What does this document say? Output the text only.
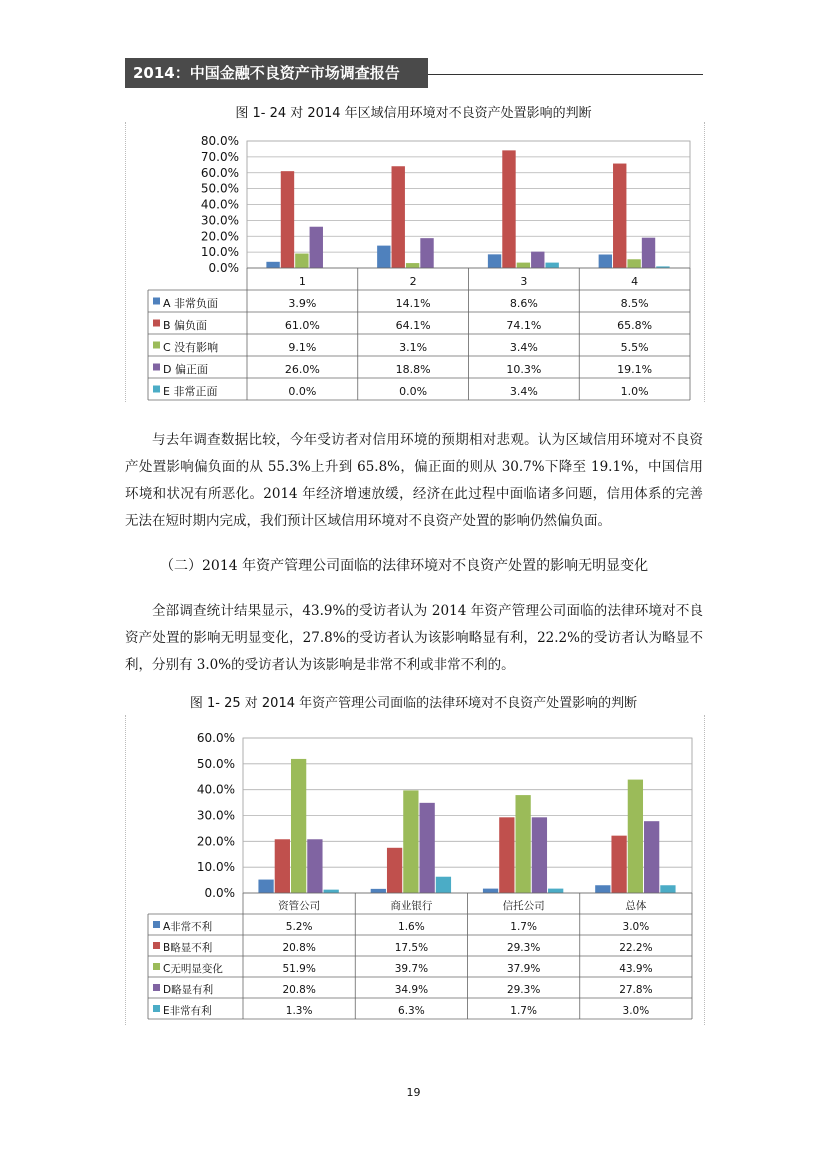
2014：中国金融不良资产市场调查报告
图 1- 24 对 2014 年区域信用环境对不良资产处置影响的判断
0.0%
10.0%
20.0%
30.0%
40.0%
50.0%
60.0%
70.0%
80.0%
1	2	3	4
A 非常负面	3.9%	14.1%	8.6%	8.5%
B 偏负面	61.0%	64.1%	74.1%	65.8%
C 没有影响	9.1%	3.1%	3.4%	5.5%
D 偏正面	26.0%	18.8%	10.3%	19.1%
E 非常正面	0.0%	0.0%	3.4%	1.0%

与去年调查数据比较，今年受访者对信用环境的预期相对悲观。认为区域信用环境对不良资产处置影响偏负面的从 55.3%上升到 65.8%，偏正面的则从 30.7%下降至 19.1%，中国信用环境和状况有所恶化。2014 年经济增速放缓，经济在此过程中面临诸多问题，信用体系的完善无法在短时期内完成，我们预计区域信用环境对不良资产处置的影响仍然偏负面。

（二）2014 年资产管理公司面临的法律环境对不良资产处置的影响无明显变化

全部调查统计结果显示，43.9%的受访者认为 2014 年资产管理公司面临的法律环境对不良资产处置的影响无明显变化，27.8%的受访者认为该影响略显有利，22.2%的受访者认为略显不利，分别有 3.0%的受访者认为该影响是非常不利或非常不利的。

图 1- 25 对 2014 年资产管理公司面临的法律环境对不良资产处置影响的判断
0.0%
10.0%
20.0%
30.0%
40.0%
50.0%
60.0%
资管公司	商业银行	信托公司	总体
A非常不利	5.2%	1.6%	1.7%	3.0%
B略显不利	20.8%	17.5%	29.3%	22.2%
C无明显变化	51.9%	39.7%	37.9%	43.9%
D略显有利	20.8%	34.9%	29.3%	27.8%
E非常有利	1.3%	6.3%	1.7%	3.0%
19
